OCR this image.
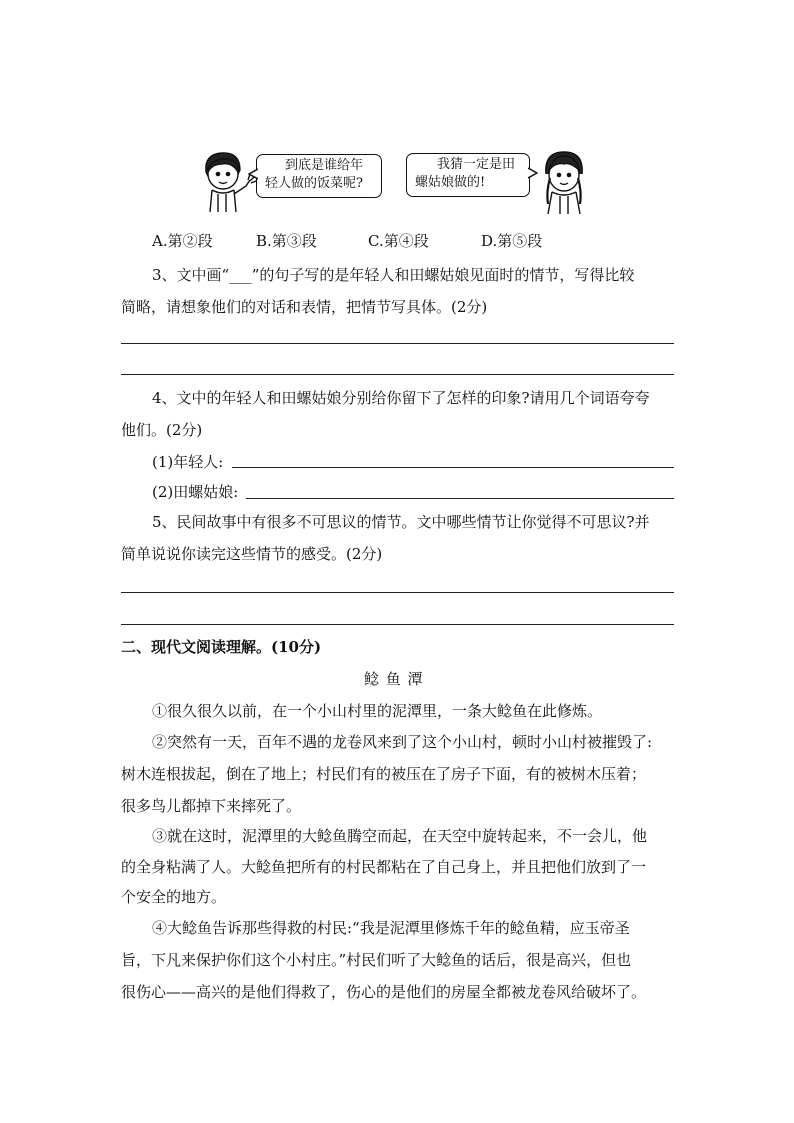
到底是谁给年
轻人做的饭菜呢?
我猜一定是田
螺姑娘做的!
A.第②段	B.第③段	C.第④段	D.第⑤段
3、文中画“___”的句子写的是年轻人和田螺姑娘见面时的情节，写得比较
简略，请想象他们的对话和表情，把情节写具体。(2分)
4、文中的年轻人和田螺姑娘分别给你留下了怎样的印象?请用几个词语夸夸
他们。(2分)
(1)年轻人:
(2)田螺姑娘:
5、民间故事中有很多不可思议的情节。文中哪些情节让你觉得不可思议?并
简单说说你读完这些情节的感受。(2分)
二、现代文阅读理解。(10分)
鲶 鱼 潭
①很久很久以前，在一个小山村里的泥潭里，一条大鲶鱼在此修炼。
②突然有一天，百年不遇的龙卷风来到了这个小山村，顿时小山村被摧毁了:
树木连根拔起，倒在了地上；村民们有的被压在了房子下面，有的被树木压着；
很多鸟儿都掉下来摔死了。
③就在这时，泥潭里的大鲶鱼腾空而起，在天空中旋转起来，不一会儿，他
的全身粘满了人。大鲶鱼把所有的村民都粘在了自己身上，并且把他们放到了一
个安全的地方。
④大鲶鱼告诉那些得救的村民:“我是泥潭里修炼千年的鲶鱼精，应玉帝圣
旨，下凡来保护你们这个小村庄。”村民们听了大鲶鱼的话后，很是高兴，但也
很伤心——高兴的是他们得救了，伤心的是他们的房屋全都被龙卷风给破坏了。
